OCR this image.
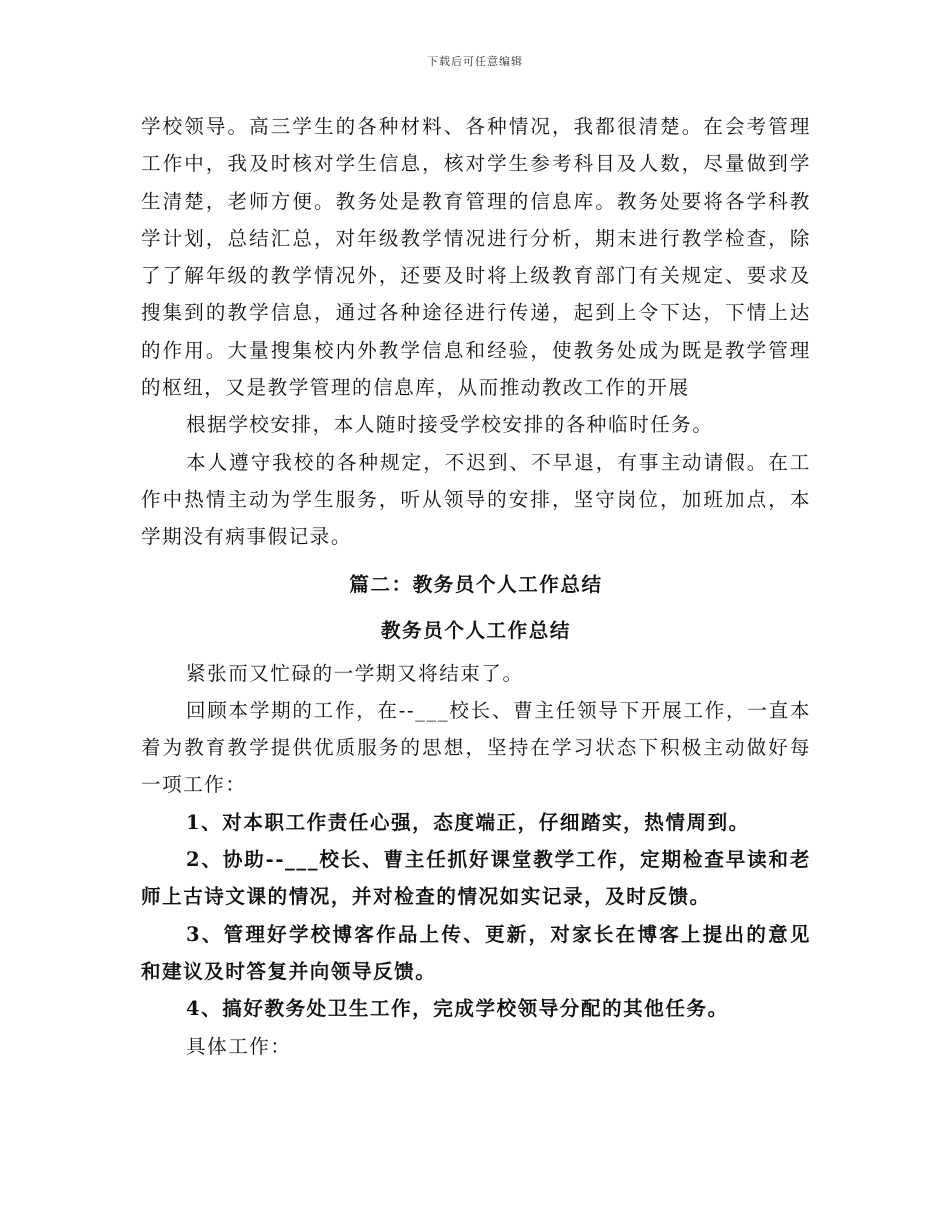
下载后可任意编辑

学校领导。高三学生的各种材料、各种情况，我都很清楚。在会考管理工作中，我及时核对学生信息，核对学生参考科目及人数，尽量做到学生清楚，老师方便。教务处是教育管理的信息库。教务处要将各学科教学计划，总结汇总，对年级教学情况进行分析，期末进行教学检查，除了了解年级的教学情况外，还要及时将上级教育部门有关规定、要求及搜集到的教学信息，通过各种途径进行传递，起到上令下达，下情上达的作用。大量搜集校内外教学信息和经验，使教务处成为既是教学管理的枢纽，又是教学管理的信息库，从而推动教改工作的开展

根据学校安排，本人随时接受学校安排的各种临时任务。

本人遵守我校的各种规定，不迟到、不早退，有事主动请假。在工作中热情主动为学生服务，听从领导的安排，坚守岗位，加班加点，本学期没有病事假记录。

篇二：教务员个人工作总结

教务员个人工作总结

紧张而又忙碌的一学期又将结束了。

回顾本学期的工作，在--___校长、曹主任领导下开展工作，一直本着为教育教学提供优质服务的思想，坚持在学习状态下积极主动做好每一项工作：

1、对本职工作责任心强，态度端正，仔细踏实，热情周到。

2、协助--___校长、曹主任抓好课堂教学工作，定期检查早读和老师上古诗文课的情况，并对检查的情况如实记录，及时反馈。

3、管理好学校博客作品上传、更新，对家长在博客上提出的意见和建议及时答复并向领导反馈。

4、搞好教务处卫生工作，完成学校领导分配的其他任务。

具体工作：
